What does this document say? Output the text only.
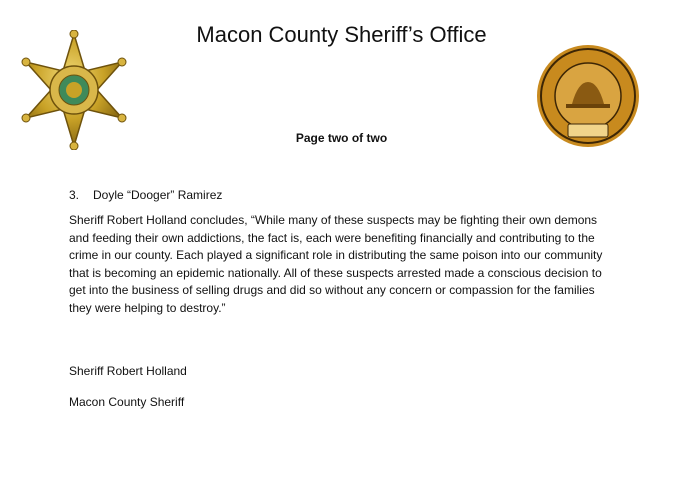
Macon County Sheriff’s Office
Page two of two
3. Doyle “Dooger” Ramirez

Sheriff Robert Holland concludes, “While many of these suspects may be fighting their own demons and feeding their own addictions, the fact is, each were benefiting financially and contributing to the crime in our county. Each played a significant role in distributing the same poison into our community that is becoming an epidemic nationally. All of these suspects arrested made a conscious decision to get into the business of selling drugs and did so without any concern or compassion for the families they were helping to destroy.”

Sheriff Robert Holland
Macon County Sheriff
